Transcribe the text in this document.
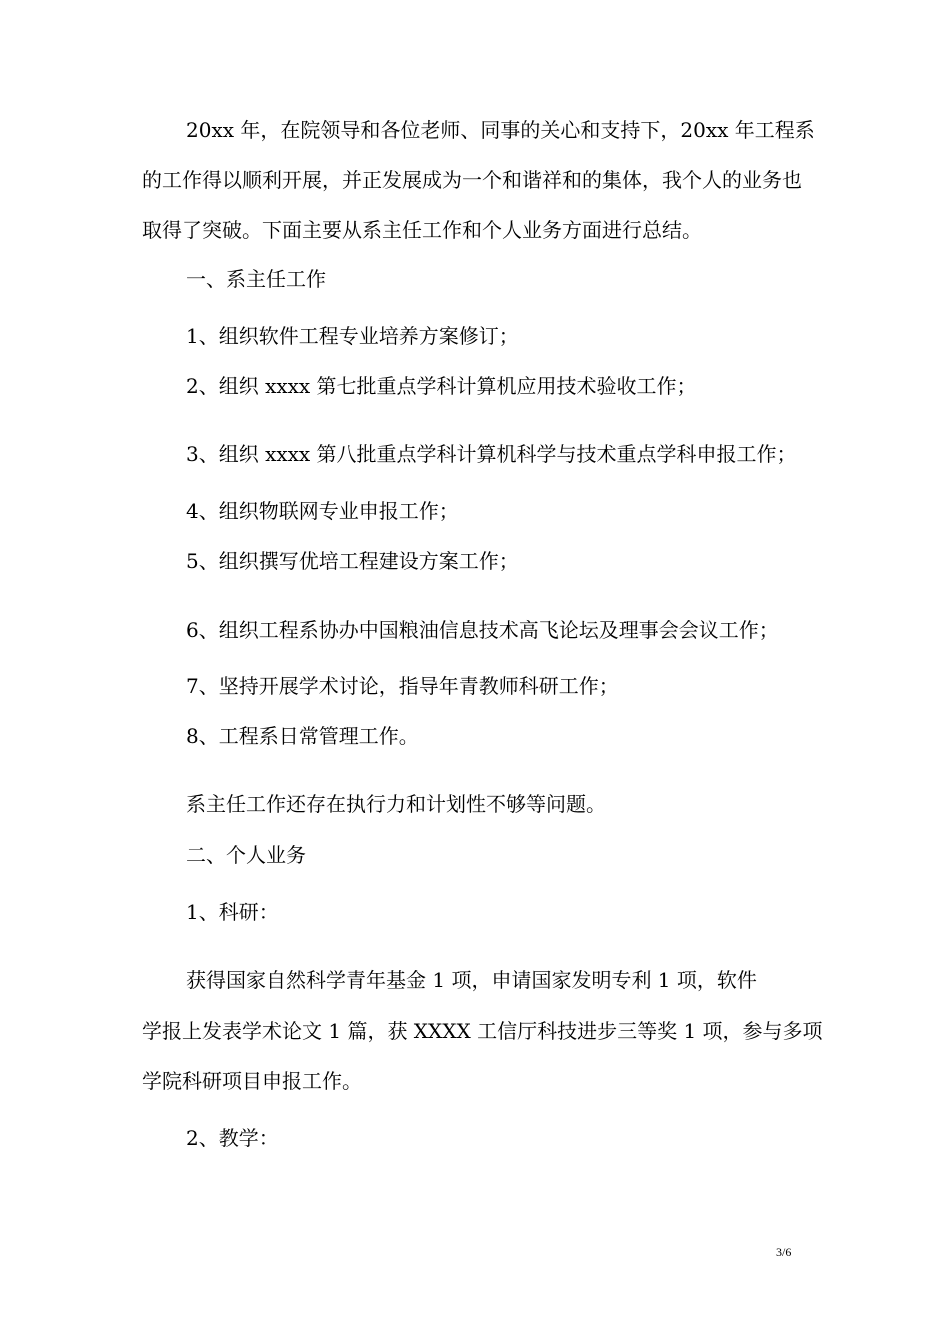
20xx 年，在院领导和各位老师、同事的关心和支持下，20xx 年工程系
的工作得以顺利开展，并正发展成为一个和谐祥和的集体，我个人的业务也
取得了突破。下面主要从系主任工作和个人业务方面进行总结。
一、系主任工作
1、组织软件工程专业培养方案修订；
2、组织 xxxx 第七批重点学科计算机应用技术验收工作；
3、组织 xxxx 第八批重点学科计算机科学与技术重点学科申报工作；
4、组织物联网专业申报工作；
5、组织撰写优培工程建设方案工作；
6、组织工程系协办中国粮油信息技术高飞论坛及理事会会议工作；
7、坚持开展学术讨论，指导年青教师科研工作；
8、工程系日常管理工作。
系主任工作还存在执行力和计划性不够等问题。
二、个人业务
1、科研：
获得国家自然科学青年基金 1 项，申请国家发明专利 1 项，软件
学报上发表学术论文 1 篇，获 XXXX 工信厅科技进步三等奖 1 项，参与多项
学院科研项目申报工作。
2、教学：
3/6
